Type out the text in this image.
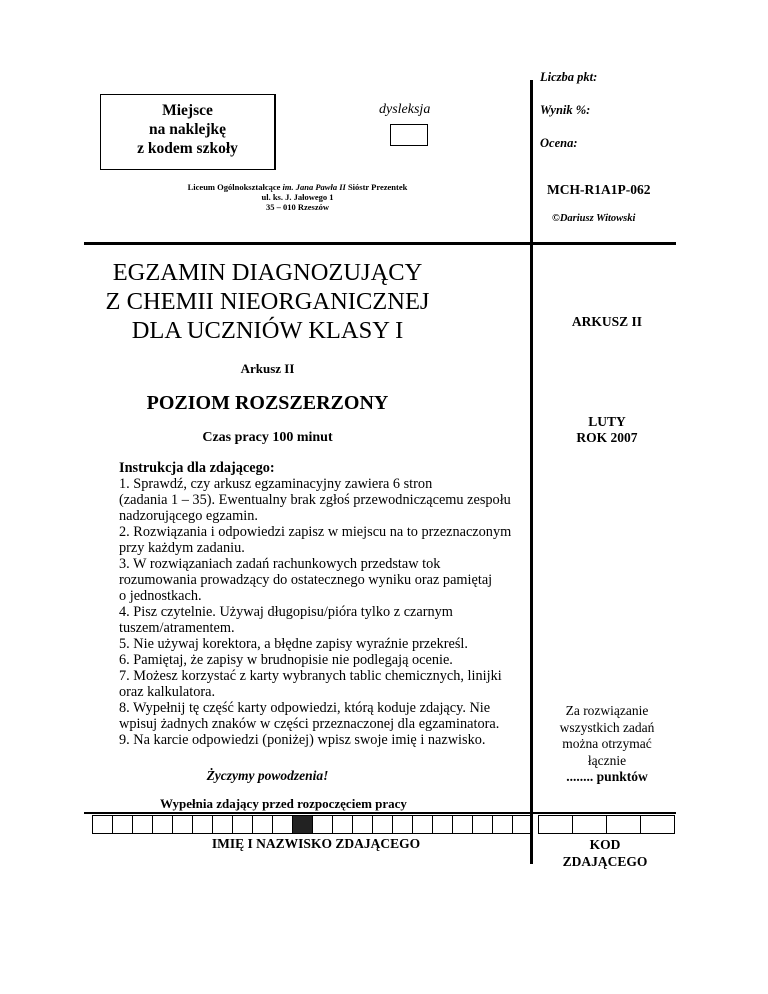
Liczba pkt:
Wynik %:
Ocena:
MCH-R1A1P-062
©Dariusz Witowski
Miejsce
na naklejkę
z kodem szkoły
dysleksja
Liceum Ogólnokształcące im. Jana Pawła II Sióstr Prezentek
ul. ks. J. Jałowego 1
35 – 010 Rzeszów
EGZAMIN DIAGNOZUJĄCY
Z CHEMII NIEORGANICZNEJ
DLA UCZNIÓW KLASY I
Arkusz II
POZIOM ROZSZERZONY
Czas pracy 100 minut
Instrukcja dla zdającego:
1. Sprawdź, czy arkusz egzaminacyjny zawiera 6 stron
(zadania 1 – 35). Ewentualny brak zgłoś przewodniczącemu zespołu
nadzorującego egzamin.
2. Rozwiązania i odpowiedzi zapisz w miejscu na to przeznaczonym
przy każdym zadaniu.
3. W rozwiązaniach zadań rachunkowych przedstaw tok
rozumowania prowadzący do ostatecznego wyniku oraz pamiętaj
o jednostkach.
4. Pisz czytelnie. Używaj długopisu/pióra tylko z czarnym
tuszem/atramentem.
5. Nie używaj korektora, a błędne zapisy wyraźnie przekreśl.
6. Pamiętaj, że zapisy w brudnopisie nie podlegają ocenie.
7. Możesz korzystać z karty wybranych tablic chemicznych, linijki
oraz kalkulatora.
8. Wypełnij tę część karty odpowiedzi, którą koduje zdający. Nie
wpisuj żadnych znaków w części przeznaczonej dla egzaminatora.
9. Na karcie odpowiedzi (poniżej) wpisz swoje imię i nazwisko.
Życzymy powodzenia!
ARKUSZ II
LUTY
ROK 2007
Za rozwiązanie
wszystkich zadań
można otrzymać
łącznie
........ punktów
Wypełnia zdający przed rozpoczęciem pracy
IMIĘ I NAZWISKO ZDAJĄCEGO	KOD
ZDAJĄCEGO
